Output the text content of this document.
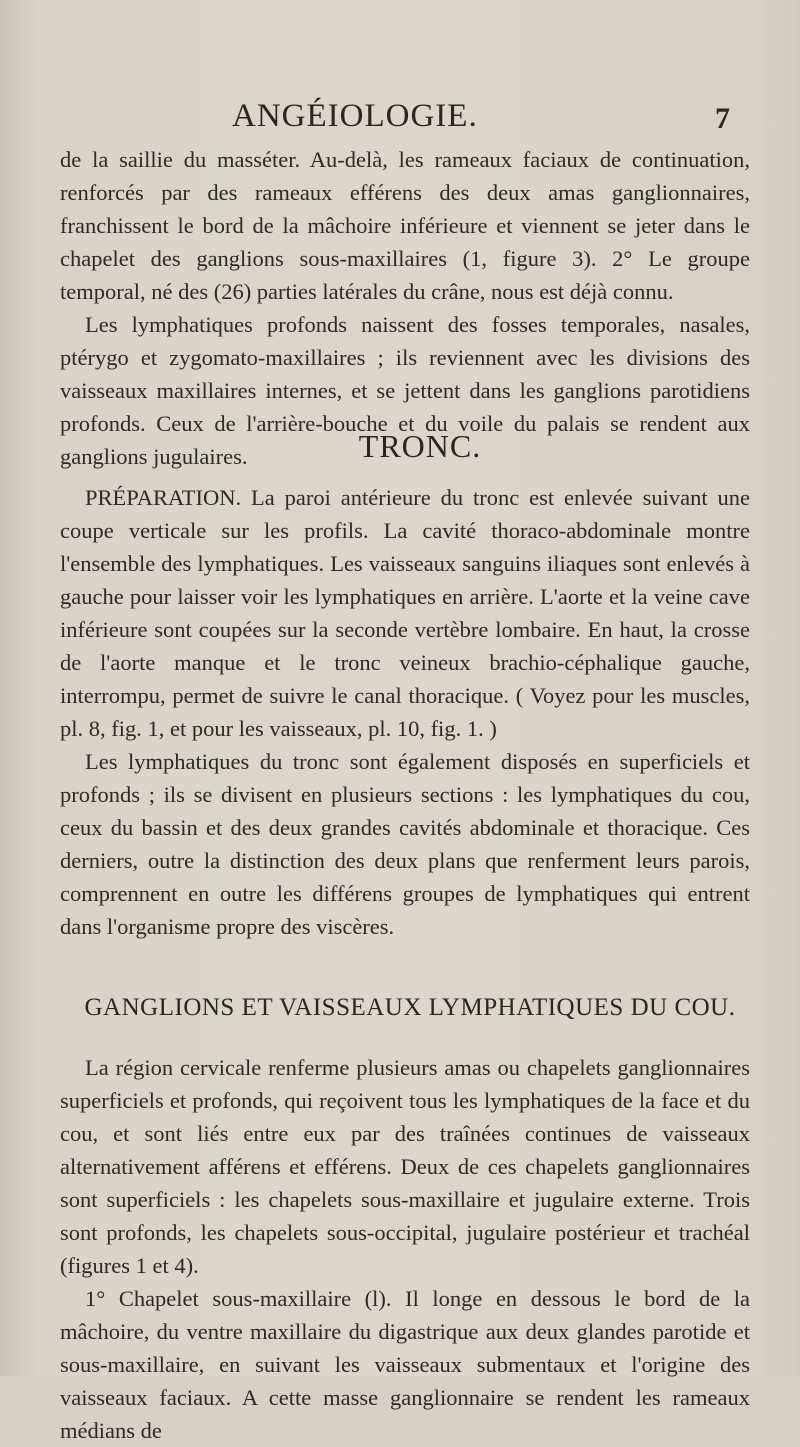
ANGÉIOLOGIE.	7

de la saillie du masséter. Au-delà, les rameaux faciaux de continuation, renforcés par des rameaux efférens des deux amas ganglionnaires, franchissent le bord de la mâchoire inférieure et viennent se jeter dans le chapelet des ganglions sous-maxillaires (1, figure 3). 2° Le groupe temporal, né des (26) parties latérales du crâne, nous est déjà connu.

Les lymphatiques profonds naissent des fosses temporales, nasales, ptérygo et zygomato-maxillaires ; ils reviennent avec les divisions des vaisseaux maxillaires internes, et se jettent dans les ganglions parotidiens profonds. Ceux de l'arrière-bouche et du voile du palais se rendent aux ganglions jugulaires.	TRONC.

PRÉPARATION. La paroi antérieure du tronc est enlevée suivant une coupe verticale sur les profils. La cavité thoraco-abdominale montre l'ensemble des lymphatiques. Les vaisseaux sanguins iliaques sont enlevés à gauche pour laisser voir les lymphatiques en arrière. L'aorte et la veine cave inférieure sont coupées sur la seconde vertèbre lombaire. En haut, la crosse de l'aorte manque et le tronc veineux brachio-céphalique gauche, interrompu, permet de suivre le canal thoracique. ( Voyez pour les muscles, pl. 8, fig. 1, et pour les vaisseaux, pl. 10, fig. 1. )

Les lymphatiques du tronc sont également disposés en superficiels et profonds ; ils se divisent en plusieurs sections : les lymphatiques du cou, ceux du bassin et des deux grandes cavités abdominale et thoracique. Ces derniers, outre la distinction des deux plans que renferment leurs parois, comprennent en outre les différens groupes de lymphatiques qui entrent dans l'organisme propre des viscères.

GANGLIONS ET VAISSEAUX LYMPHATIQUES DU COU.

La région cervicale renferme plusieurs amas ou chapelets ganglionnaires superficiels et profonds, qui reçoivent tous les lymphatiques de la face et du cou, et sont liés entre eux par des traînées continues de vaisseaux alternativement afférens et efférens. Deux de ces chapelets ganglionnaires sont superficiels : les chapelets sous-maxillaire et jugulaire externe. Trois sont profonds, les chapelets sous-occipital, jugulaire postérieur et trachéal (figures 1 et 4).

1° Chapelet sous-maxillaire (l). Il longe en dessous le bord de la mâchoire, du ventre maxillaire du digastrique aux deux glandes parotide et sous-maxillaire, en suivant les vaisseaux submentaux et l'origine des vaisseaux faciaux. A cette masse ganglionnaire se rendent les rameaux médians de
